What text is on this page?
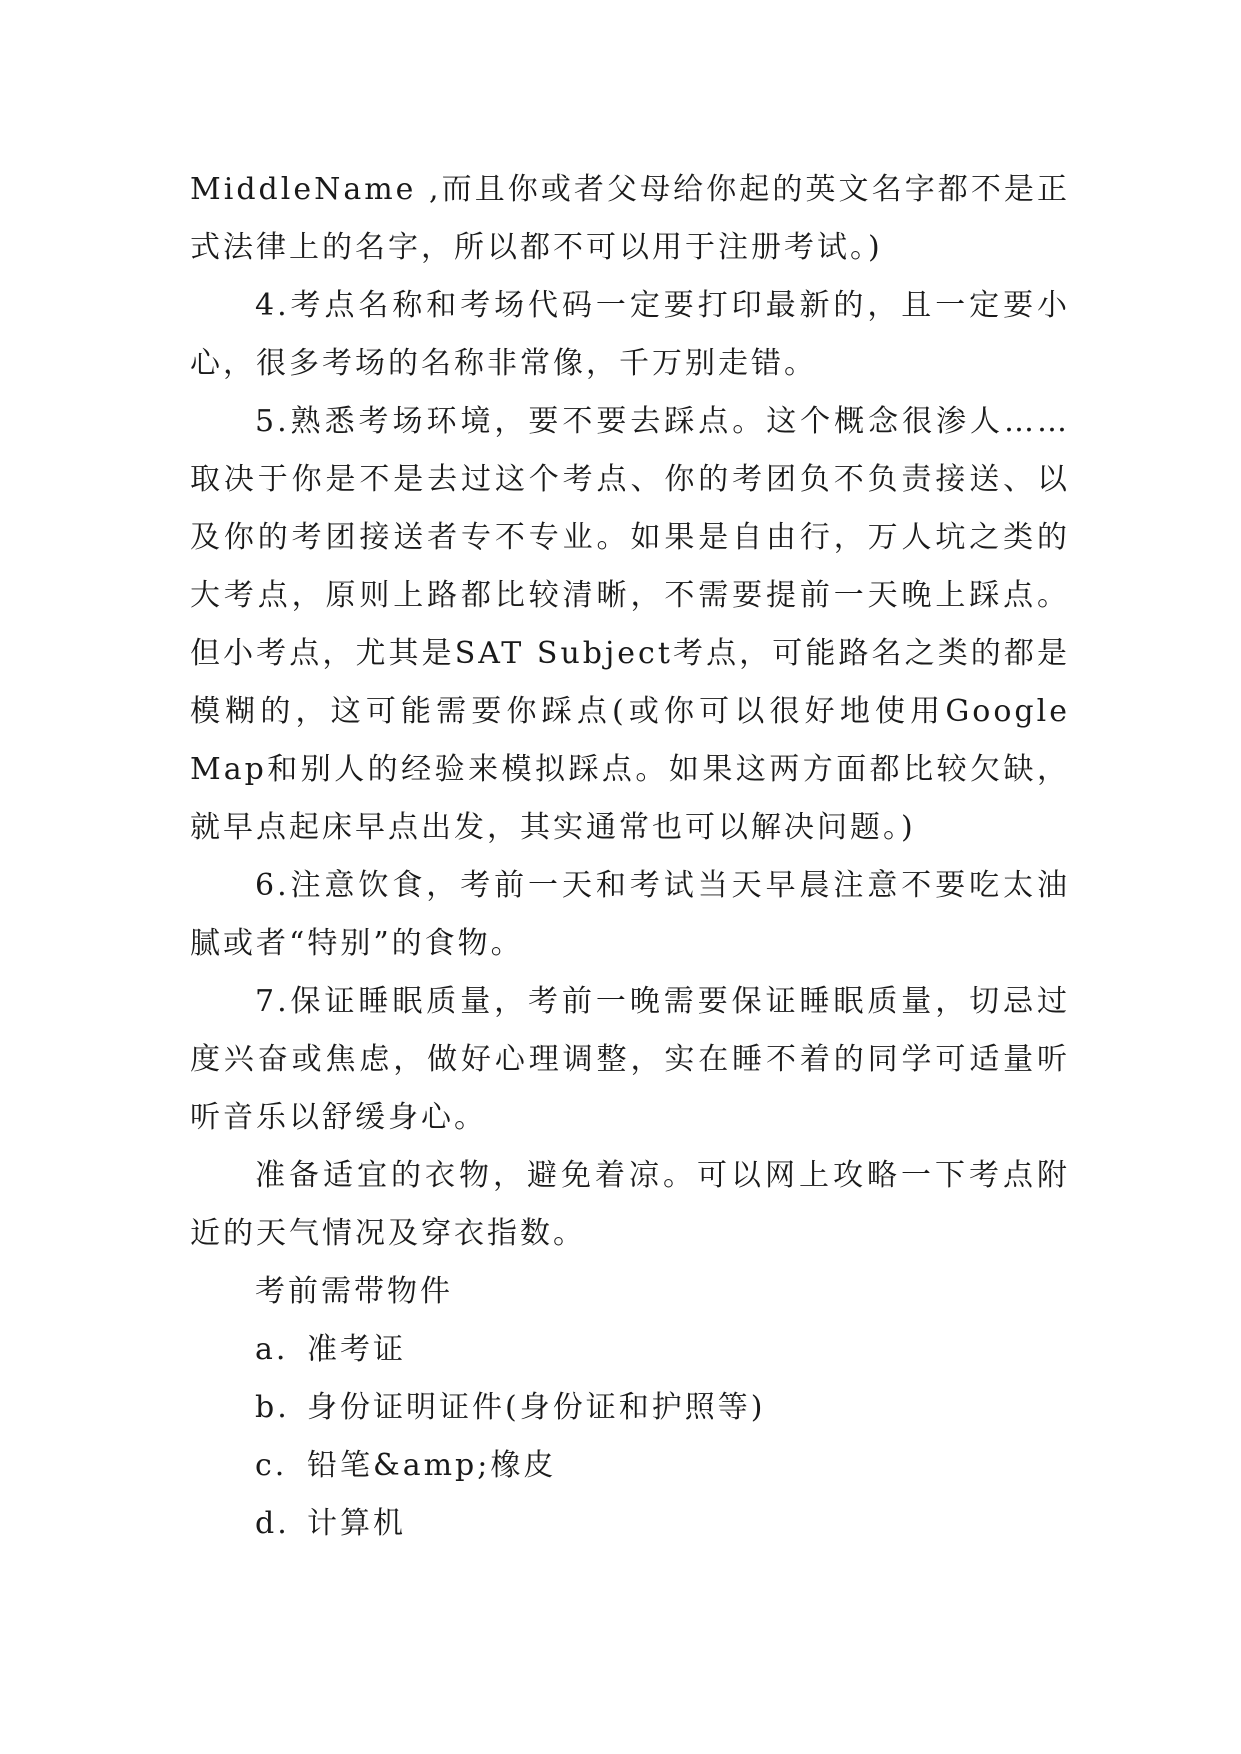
MiddleName ,而且你或者父母给你起的英文名字都不是正式法律上的名字，所以都不可以用于注册考试。)

4.考点名称和考场代码一定要打印最新的，且一定要小心，很多考场的名称非常像，千万别走错。

5.熟悉考场环境，要不要去踩点。这个概念很渗人……取决于你是不是去过这个考点、你的考团负不负责接送、以及你的考团接送者专不专业。如果是自由行，万人坑之类的大考点，原则上路都比较清晰，不需要提前一天晚上踩点。但小考点，尤其是SAT Subject考点，可能路名之类的都是模糊的，这可能需要你踩点(或你可以很好地使用Google Map和别人的经验来模拟踩点。如果这两方面都比较欠缺，就早点起床早点出发，其实通常也可以解决问题。)

6.注意饮食，考前一天和考试当天早晨注意不要吃太油腻或者“特别”的食物。

7.保证睡眠质量，考前一晚需要保证睡眠质量，切忌过度兴奋或焦虑，做好心理调整，实在睡不着的同学可适量听听音乐以舒缓身心。

准备适宜的衣物，避免着凉。可以网上攻略一下考点附近的天气情况及穿衣指数。

考前需带物件

a. 准考证

b. 身份证明证件(身份证和护照等)

c. 铅笔&amp;橡皮

d. 计算机
